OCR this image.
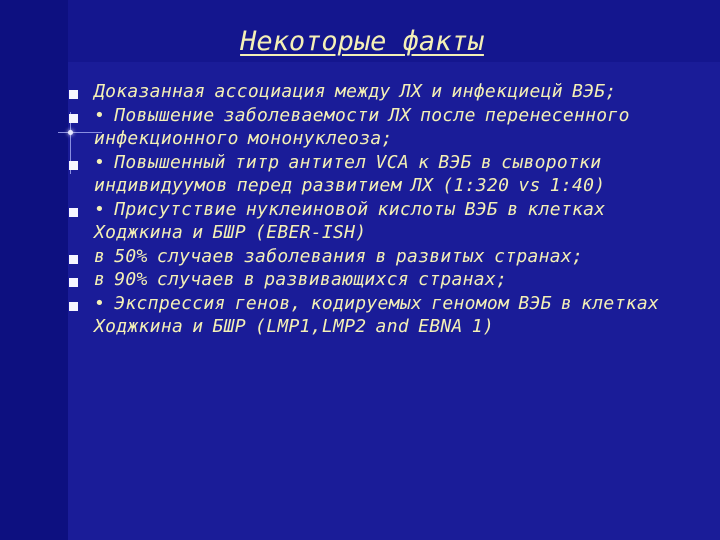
Некоторые факты
Доказанная ассоциация между ЛХ и инфекциецй ВЭБ;
• Повышение заболеваемости ЛХ после перенесенного инфекционного мононуклеоза;
• Повышенный титр антител VCA к ВЭБ в сыворотки индивидуумов перед развитием ЛХ (1:320 vs 1:40)
• Присутствие нуклеиновой кислоты ВЭБ в клетках Ходжкина и БШР (EBER-ISH)
в 50% случаев заболевания в развитых странах;
в 90% случаев в развивающихся странах;
• Экспрессия генов, кодируемых геномом ВЭБ в клетках Ходжкина и БШР (LMP1,LMP2 and EBNA 1)
